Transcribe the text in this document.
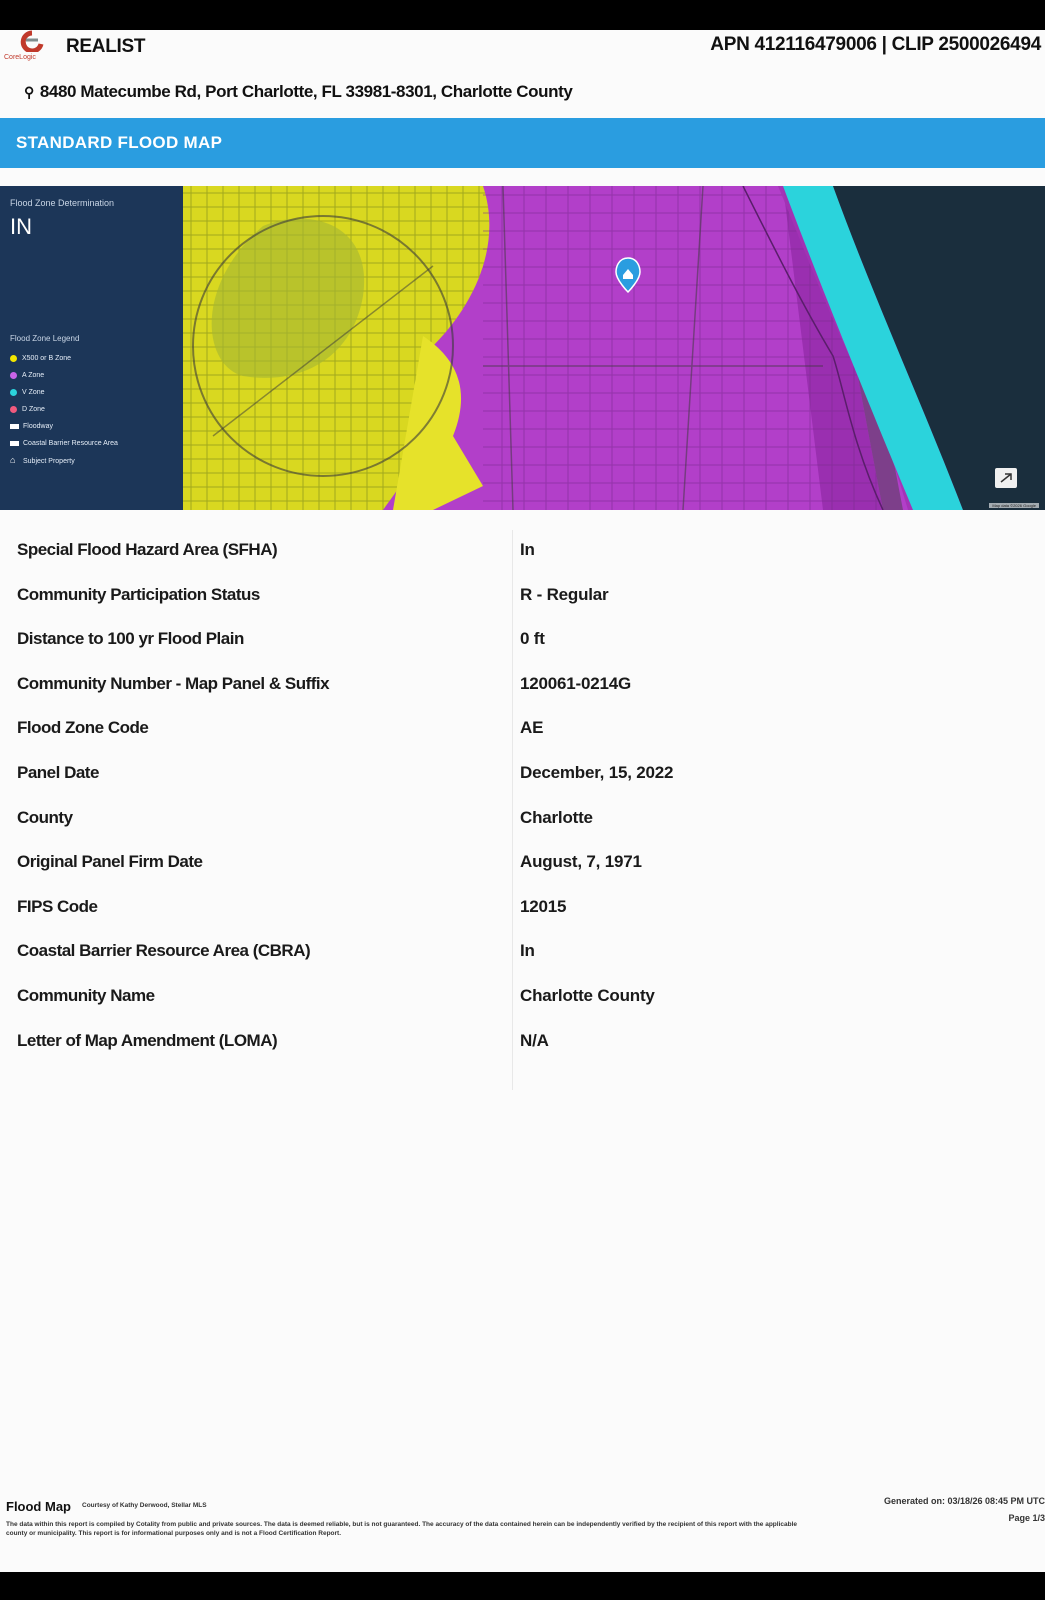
CoreLogic
REALIST	APN 412116479006 | CLIP 2500026494
⚲ 8480 Matecumbe Rd, Port Charlotte, FL 33981-8301, Charlotte County
STANDARD FLOOD MAP
Flood Zone Determination
IN
Flood Zone Legend
X500 or B Zone
A Zone
V Zone
D Zone
Floodway
Coastal Barrier Resource Area
⌂ Subject Property
Map data ©2026 Google
Special Flood Hazard Area (SFHA)	In
Community Participation Status	R - Regular
Distance to 100 yr Flood Plain	0 ft
Community Number - Map Panel & Suffix	120061-0214G
Flood Zone Code	AE
Panel Date	December, 15, 2022
County	Charlotte
Original Panel Firm Date	August, 7, 1971
FIPS Code	12015
Coastal Barrier Resource Area (CBRA)	In
Community Name	Charlotte County
Letter of Map Amendment (LOMA)	N/A
Flood Map Courtesy of Kathy Derwood, Stellar MLS
The data within this report is compiled by Cotality from public and private sources. The data is deemed reliable, but is not guaranteed. The accuracy of the data contained herein can be independently verified by the recipient of this report with the applicable county or municipality. This report is for informational purposes only and is not a Flood Certification Report.
Generated on: 03/18/26 08:45 PM UTC
Page 1/3
